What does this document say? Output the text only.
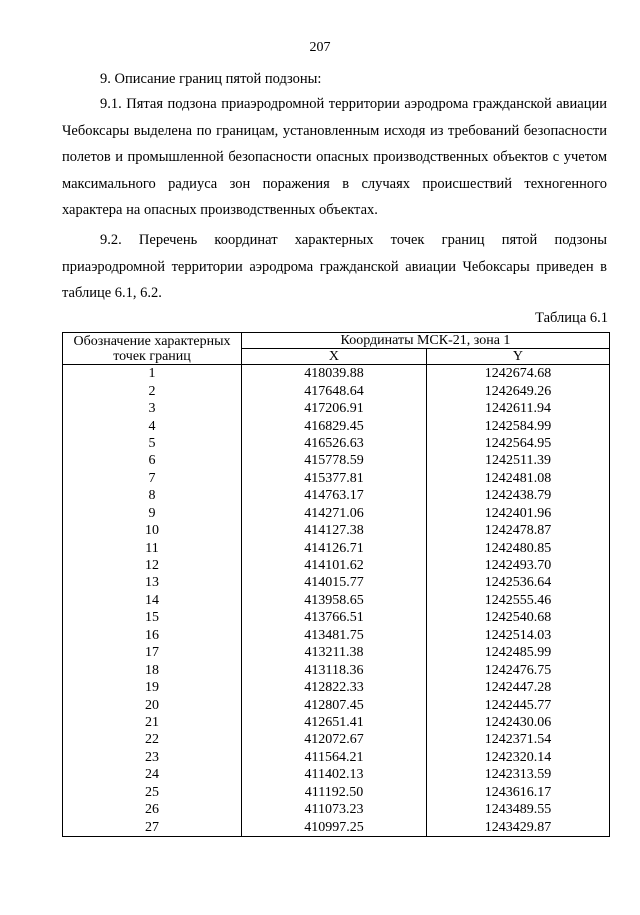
207
9. Описание границ пятой подзоны:

9.1. Пятая подзона приаэродромной территории аэродрома гражданской авиации Чебоксары выделена по границам, установленным исходя из требований безопасности полетов и промышленной безопасности опасных производственных объектов с учетом максимального радиуса зон поражения в случаях происшествий техногенного характера на опасных производственных объектах.

9.2. Перечень координат характерных точек границ пятой подзоны приаэродромной территории аэродрома гражданской авиации Чебоксары приведен в таблице 6.1, 6.2.

Таблица 6.1
Обозначение характерных точек границ	Координаты МСК-21, зона 1	
	X	Y
1	418039.88	1242674.68
2	417648.64	1242649.26
3	417206.91	1242611.94
4	416829.45	1242584.99
5	416526.63	1242564.95
6	415778.59	1242511.39
7	415377.81	1242481.08
8	414763.17	1242438.79
9	414271.06	1242401.96
10	414127.38	1242478.87
11	414126.71	1242480.85
12	414101.62	1242493.70
13	414015.77	1242536.64
14	413958.65	1242555.46
15	413766.51	1242540.68
16	413481.75	1242514.03
17	413211.38	1242485.99
18	413118.36	1242476.75
19	412822.33	1242447.28
20	412807.45	1242445.77
21	412651.41	1242430.06
22	412072.67	1242371.54
23	411564.21	1242320.14
24	411402.13	1242313.59
25	411192.50	1243616.17
26	411073.23	1243489.55
27	410997.25	1243429.87
